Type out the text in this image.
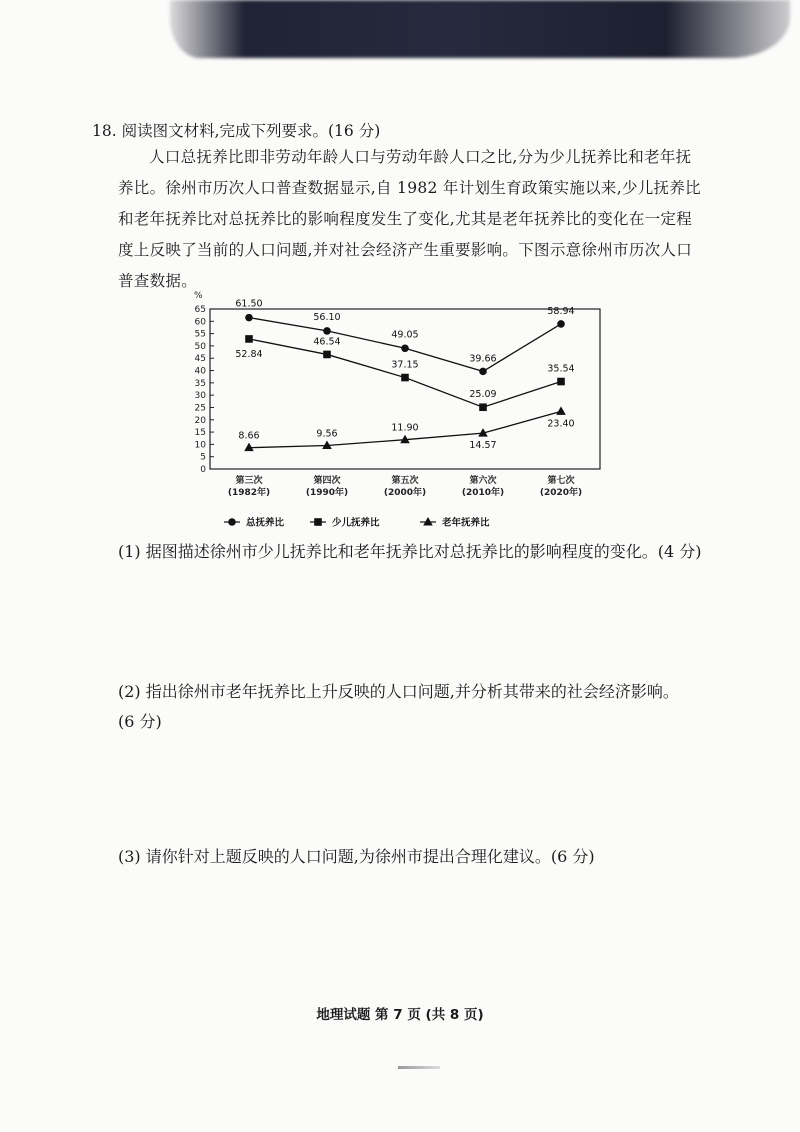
18. 阅读图文材料,完成下列要求。(16 分)
人口总抚养比即非劳动年龄人口与劳动年龄人口之比,分为少儿抚养比和老年抚
养比。徐州市历次人口普查数据显示,自 1982 年计划生育政策实施以来,少儿抚养比
和老年抚养比对总抚养比的影响程度发生了变化,尤其是老年抚养比的变化在一定程
度上反映了当前的人口问题,并对社会经济产生重要影响。下图示意徐州市历次人口
普查数据。
%
0
5
10
15
20
25
30
35
40
45
50
55
60
65
第三次
(1982年)
第四次
(1990年)
第五次
(2000年)
第六次
(2010年)
第七次
(2020年)
61.50
56.10
49.05
39.66
58.94
52.84
46.54
37.15
25.09
35.54
8.66	9.56
11.90
14.57
23.40
总抚养比	少儿抚养比	老年抚养比
(1) 据图描述徐州市少儿抚养比和老年抚养比对总抚养比的影响程度的变化。(4 分)
(2) 指出徐州市老年抚养比上升反映的人口问题,并分析其带来的社会经济影响。
(6 分)
(3) 请你针对上题反映的人口问题,为徐州市提出合理化建议。(6 分)
地理试题 第 7 页 (共 8 页)
